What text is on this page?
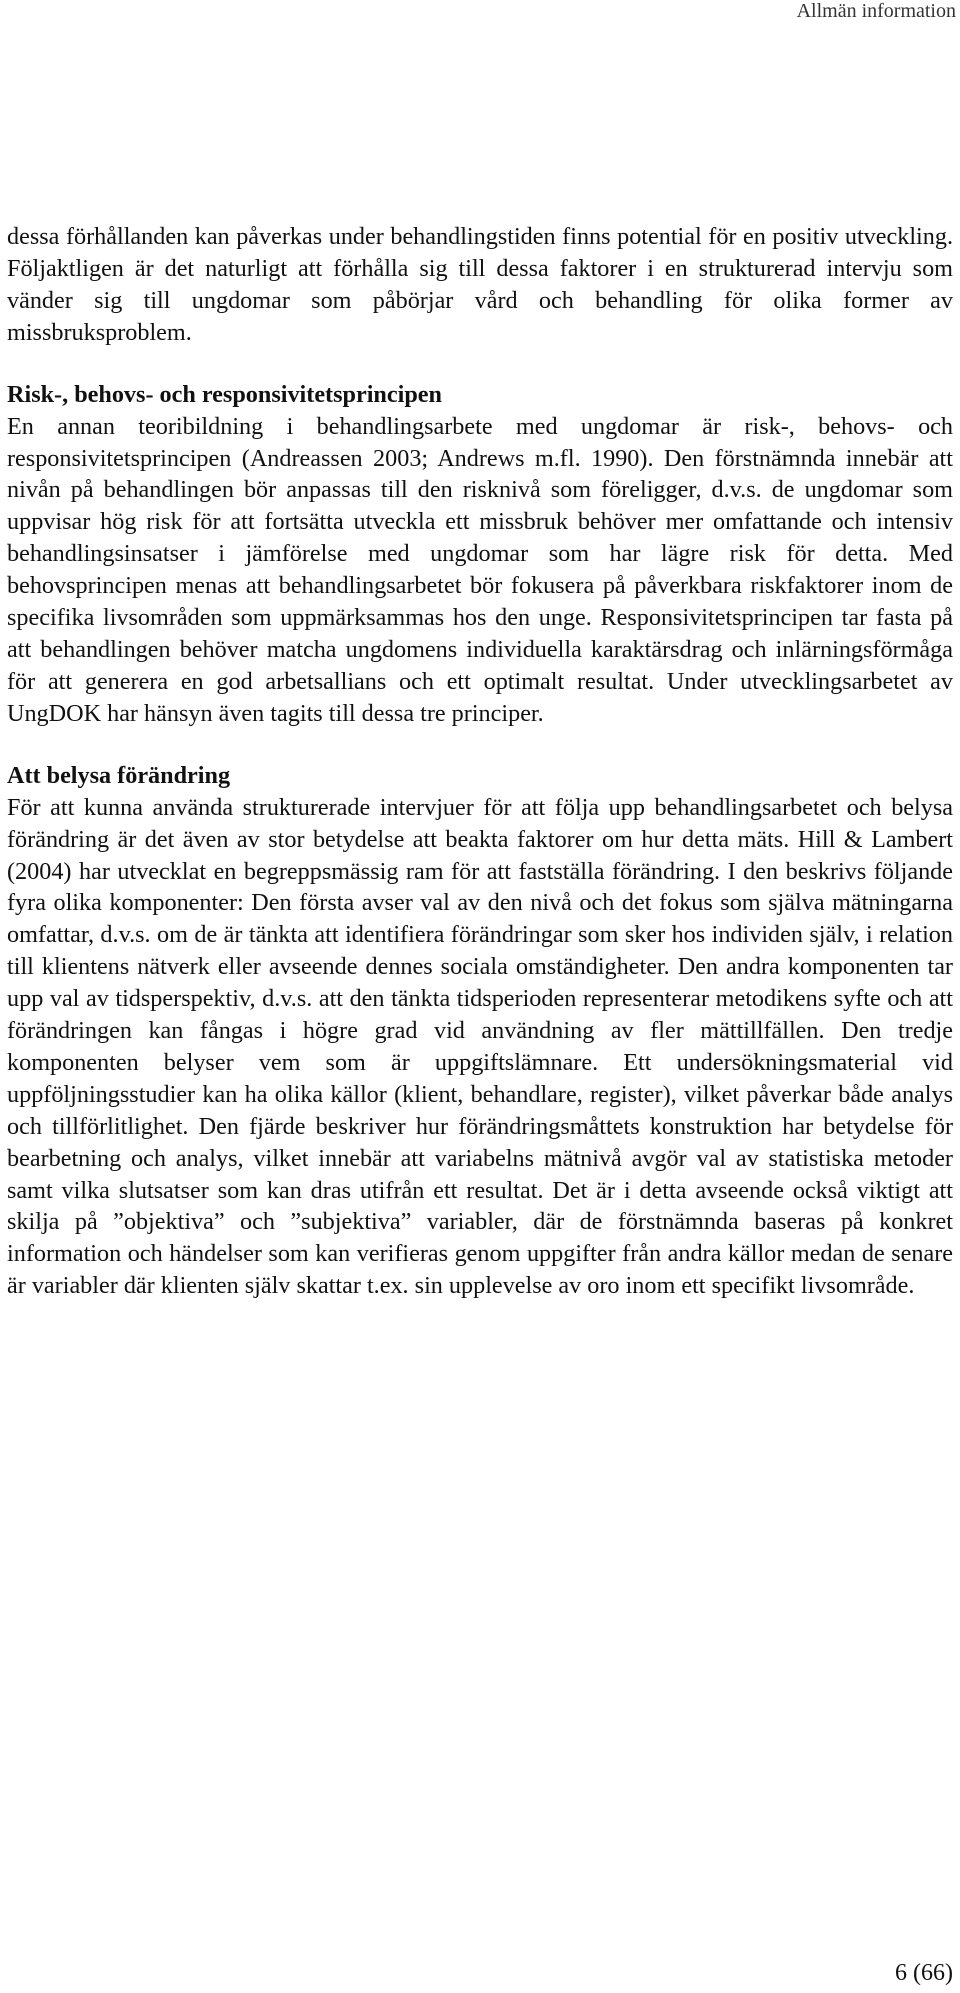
Allmän information

dessa förhållanden kan påverkas under behandlingstiden finns potential för en positiv utveckling. Följaktligen är det naturligt att förhålla sig till dessa faktorer i en strukturerad intervju som vänder sig till ungdomar som påbörjar vård och behandling för olika former av missbruksproblem.

Risk-, behovs- och responsivitetsprincipen

En annan teoribildning i behandlingsarbete med ungdomar är risk-, behovs- och responsivitetsprincipen (Andreassen 2003; Andrews m.fl. 1990). Den förstnämnda innebär att nivån på behandlingen bör anpassas till den risknivå som föreligger, d.v.s. de ungdomar som uppvisar hög risk för att fortsätta utveckla ett missbruk behöver mer omfattande och intensiv behandlingsinsatser i jämförelse med ungdomar som har lägre risk för detta. Med behovsprincipen menas att behandlingsarbetet bör fokusera på påverkbara riskfaktorer inom de specifika livsområden som uppmärksammas hos den unge. Responsivitetsprincipen tar fasta på att behandlingen behöver matcha ungdomens individuella karaktärsdrag och inlärningsförmåga för att generera en god arbetsallians och ett optimalt resultat. Under utvecklingsarbetet av UngDOK har hänsyn även tagits till dessa tre principer.

Att belysa förändring

För att kunna använda strukturerade intervjuer för att följa upp behandlingsarbetet och belysa förändring är det även av stor betydelse att beakta faktorer om hur detta mäts. Hill & Lambert (2004) har utvecklat en begreppsmässig ram för att fastställa förändring. I den beskrivs följande fyra olika komponenter: Den första avser val av den nivå och det fokus som själva mätningarna omfattar, d.v.s. om de är tänkta att identifiera förändringar som sker hos individen själv, i relation till klientens nätverk eller avseende dennes sociala omständigheter. Den andra komponenten tar upp val av tidsperspektiv, d.v.s. att den tänkta tidsperioden representerar metodikens syfte och att förändringen kan fångas i högre grad vid användning av fler mättillfällen. Den tredje komponenten belyser vem som är uppgiftslämnare. Ett undersökningsmaterial vid uppföljningsstudier kan ha olika källor (klient, behandlare, register), vilket påverkar både analys och tillförlitlighet. Den fjärde beskriver hur förändringsmåttets konstruktion har betydelse för bearbetning och analys, vilket innebär att variabelns mätnivå avgör val av statistiska metoder samt vilka slutsatser som kan dras utifrån ett resultat. Det är i detta avseende också viktigt att skilja på ”objektiva” och ”subjektiva” variabler, där de förstnämnda baseras på konkret information och händelser som kan verifieras genom uppgifter från andra källor medan de senare är variabler där klienten själv skattar t.ex. sin upplevelse av oro inom ett specifikt livsområde.

6 (66)
